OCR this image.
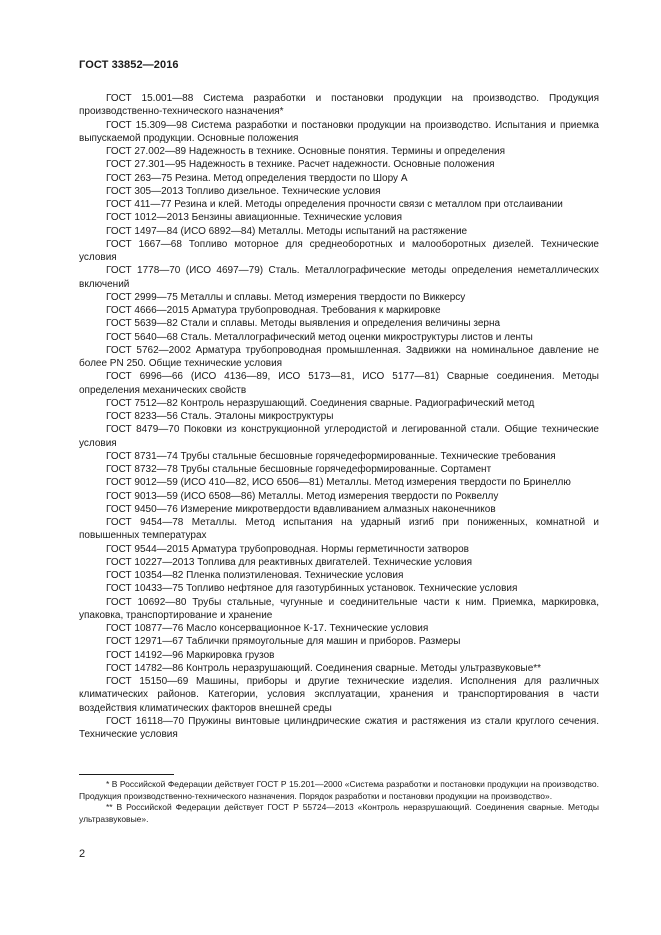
ГОСТ 33852—2016
ГОСТ 15.001—88 Система разработки и постановки продукции на производство. Продукция производственно-технического назначения*
ГОСТ 15.309—98 Система разработки и постановки продукции на производство. Испытания и приемка выпускаемой продукции. Основные положения
ГОСТ 27.002—89 Надежность в технике. Основные понятия. Термины и определения
ГОСТ 27.301—95 Надежность в технике. Расчет надежности. Основные положения
ГОСТ 263—75 Резина. Метод определения твердости по Шору А
ГОСТ 305—2013 Топливо дизельное. Технические условия
ГОСТ 411—77 Резина и клей. Методы определения прочности связи с металлом при отслаивании
ГОСТ 1012—2013 Бензины авиационные. Технические условия
ГОСТ 1497—84 (ИСО 6892—84) Металлы. Методы испытаний на растяжение
ГОСТ 1667—68 Топливо моторное для среднеоборотных и малооборотных дизелей. Технические условия
ГОСТ 1778—70 (ИСО 4697—79) Сталь. Металлографические методы определения неметаллических включений
ГОСТ 2999—75 Металлы и сплавы. Метод измерения твердости по Виккерсу
ГОСТ 4666—2015 Арматура трубопроводная. Требования к маркировке
ГОСТ 5639—82 Стали и сплавы. Методы выявления и определения величины зерна
ГОСТ 5640—68 Сталь. Металлографический метод оценки микроструктуры листов и ленты
ГОСТ 5762—2002 Арматура трубопроводная промышленная. Задвижки на номинальное давление не более PN 250. Общие технические условия
ГОСТ 6996—66 (ИСО 4136—89, ИСО 5173—81, ИСО 5177—81) Сварные соединения. Методы определения механических свойств
ГОСТ 7512—82 Контроль неразрушающий. Соединения сварные. Радиографический метод
ГОСТ 8233—56 Сталь. Эталоны микроструктуры
ГОСТ 8479—70 Поковки из конструкционной углеродистой и легированной стали. Общие технические условия
ГОСТ 8731—74 Трубы стальные бесшовные горячедеформированные. Технические требования
ГОСТ 8732—78 Трубы стальные бесшовные горячедеформированные. Сортамент
ГОСТ 9012—59 (ИСО 410—82, ИСО 6506—81) Металлы. Метод измерения твердости по Бринеллю
ГОСТ 9013—59 (ИСО 6508—86) Металлы. Метод измерения твердости по Роквеллу
ГОСТ 9450—76 Измерение микротвердости вдавливанием алмазных наконечников
ГОСТ 9454—78 Металлы. Метод испытания на ударный изгиб при пониженных, комнатной и повышенных температурах
ГОСТ 9544—2015 Арматура трубопроводная. Нормы герметичности затворов
ГОСТ 10227—2013 Топлива для реактивных двигателей. Технические условия
ГОСТ 10354—82 Пленка полиэтиленовая. Технические условия
ГОСТ 10433—75 Топливо нефтяное для газотурбинных установок. Технические условия
ГОСТ 10692—80 Трубы стальные, чугунные и соединительные части к ним. Приемка, маркировка, упаковка, транспортирование и хранение
ГОСТ 10877—76 Масло консервационное К-17. Технические условия
ГОСТ 12971—67 Таблички прямоугольные для машин и приборов. Размеры
ГОСТ 14192—96 Маркировка грузов
ГОСТ 14782—86 Контроль неразрушающий. Соединения сварные. Методы ультразвуковые**
ГОСТ 15150—69 Машины, приборы и другие технические изделия. Исполнения для различных климатических районов. Категории, условия эксплуатации, хранения и транспортирования в части воздействия климатических факторов внешней среды
ГОСТ 16118—70 Пружины винтовые цилиндрические сжатия и растяжения из стали круглого сечения. Технические условия
* В Российской Федерации действует ГОСТ Р 15.201—2000 «Система разработки и постановки продукции на производство. Продукция производственно-технического назначения. Порядок разработки и постановки продукции на производство».
** В Российской Федерации действует ГОСТ Р 55724—2013 «Контроль неразрушающий. Соединения сварные. Методы ультразвуковые».
2
